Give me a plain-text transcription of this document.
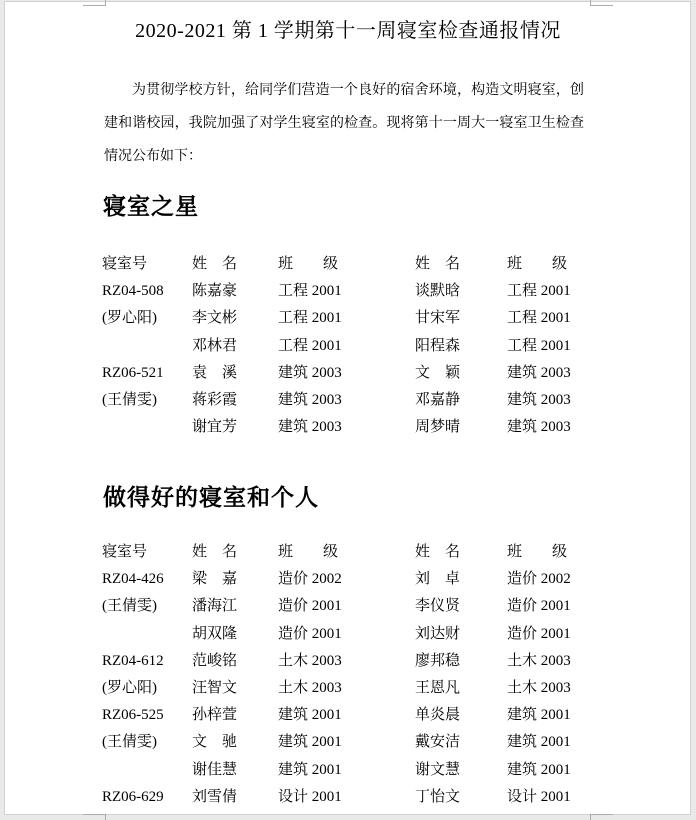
2020-2021 第 1 学期第十一周寝室检查通报情况

为贯彻学校方针，给同学们营造一个良好的宿舍环境，构造文明寝室，创建和谐校园，我院加强了对学生寝室的检查。现将第十一周大一寝室卫生检查情况公布如下：

寝室之星
寝室号	姓　名	班　　级	姓　名	班　　级
RZ04-508 陈嘉豪	工程 2001	谈默晗	工程 2001
(罗心阳) 李文彬	工程 2001	甘宋军	工程 2001
邓林君	工程 2001	阳程森	工程 2001
RZ06-521 袁　溪	建筑 2003	文　颖	建筑 2003
(王倩雯) 蒋彩霞	建筑 2003	邓嘉静	建筑 2003
谢宜芳	建筑 2003	周梦晴	建筑 2003
做得好的寝室和个人
寝室号	姓　名	班　　级	姓　名	班　　级
RZ04-426 梁　嘉	造价 2002	刘　卓	造价 2002
(王倩雯) 潘海江	造价 2001	李仪贤	造价 2001
胡双隆	造价 2001	刘达财	造价 2001
RZ04-612 范峻铭	土木 2003	廖邦稳	土木 2003
(罗心阳) 汪智文	土木 2003	王恩凡	土木 2003
RZ06-525 孙梓萱	建筑 2001	单炎晨	建筑 2001
(王倩雯) 文　驰	建筑 2001	戴安洁	建筑 2001
谢佳慧	建筑 2001	谢文慧	建筑 2001
RZ06-629 刘雪倩	设计 2001	丁怡文	设计 2001
